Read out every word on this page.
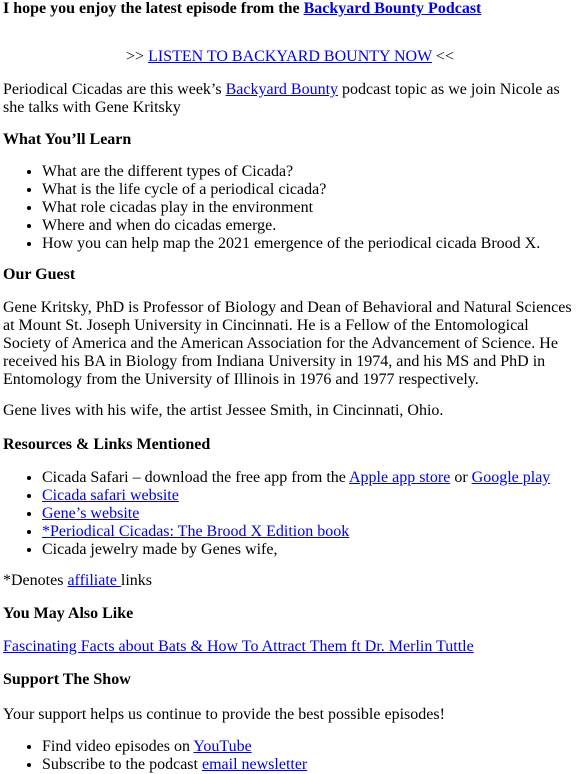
I hope you enjoy the latest episode from the Backyard Bounty Podcast

>> LISTEN TO BACKYARD BOUNTY NOW <<

Periodical Cicadas are this week’s Backyard Bounty podcast topic as we join Nicole as she talks with Gene Kritsky

What You’ll Learn
• What are the different types of Cicada?
• What is the life cycle of a periodical cicada?
• What role cicadas play in the environment
• Where and when do cicadas emerge.
• How you can help map the 2021 emergence of the periodical cicada Brood X.
Our Guest

Gene Kritsky, PhD is Professor of Biology and Dean of Behavioral and Natural Sciences at Mount St. Joseph University in Cincinnati. He is a Fellow of the Entomological Society of America and the American Association for the Advancement of Science. He received his BA in Biology from Indiana University in 1974, and his MS and PhD in Entomology from the University of Illinois in 1976 and 1977 respectively.

Gene lives with his wife, the artist Jessee Smith, in Cincinnati, Ohio.

Resources & Links Mentioned
• Cicada Safari – download the free app from the Apple app store or Google play
• Cicada safari website
• Gene’s website
• *Periodical Cicadas: The Brood X Edition book
• Cicada jewelry made by Genes wife,

*Denotes affiliate links

You May Also Like

Fascinating Facts about Bats & How To Attract Them ft Dr. Merlin Tuttle

Support The Show

Your support helps us continue to provide the best possible episodes!

• Find video episodes on YouTube
• Subscribe to the podcast email newsletter
